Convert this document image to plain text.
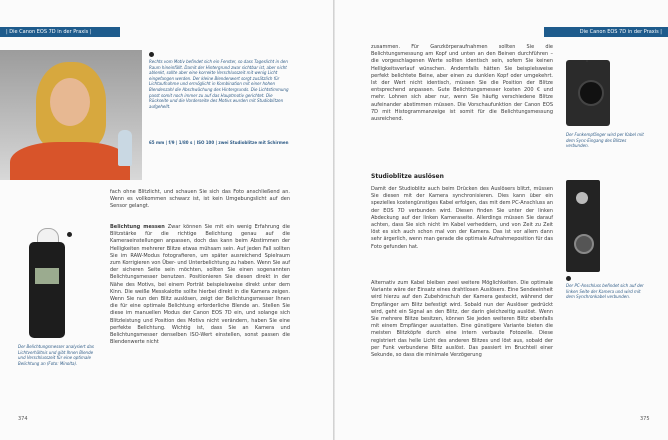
| Die Canon EOS 7D in der Praxis |
Rechts vom Motiv befindet sich ein Fenster, so dass Tageslicht in den Raum hineinfällt. Damit der Hintergrund zwar sichtbar ist, aber nicht ablenkt, sollte aber eine korrekte Verschlusszeit mit wenig Licht eingefangen werden. Der kleine Blendenwert sorgt zusätzlich für Lichtaufnahme und ermöglicht in Kombination mit einer hohen Blendenzahl die Abschwächung des Hintergrunds. Die Lichtstimmung passt somit noch immer zu auf das Hauptmotiv gerichtet. Die Rückseite und die Vorderseite des Motivs wurden mit Studioblitzen aufgehellt.
65 mm | f/9 | 1/80 s | ISO 100 | zwei Studioblitze mit Schirmen
fach ohne Blitzlicht, und schauen Sie sich das Foto anschließend an. Wenn es vollkommen schwarz ist, ist kein Umgebungslicht auf den Sensor gelangt.
Belichtung messen Zwar können Sie mit ein wenig Erfahrung die Blitzstärke für die richtige Belichtung genau auf die Kameraeinstellungen anpassen, doch das kann beim Abstimmen der Helligkeiten mehrerer Blitze etwas mühsam sein. Auf jeden Fall sollten Sie im RAW-Modus fotografieren, um später ausreichend Spielraum zum Korrigieren von Über- und Unterbelichtung zu haben. Wenn Sie auf der sicheren Seite sein möchten, sollten Sie einen sogenannten Belichtungsmesser benutzen. Positionieren Sie diesen direkt in der Nähe des Motivs, bei einem Porträt beispielsweise direkt unter dem Kinn. Die weiße Messkalotte sollte hierbei direkt in die Kamera zeigen. Wenn Sie nun den Blitz auslösen, zeigt der Belichtungsmesser Ihnen die für eine optimale Belichtung erforderliche Blende an. Stellen Sie diese im manuellen Modus der Canon EOS 7D ein, und solange sich Blitzleistung und Position des Motivs nicht verändern, haben Sie eine perfekte Belichtung. Wichtig ist, dass Sie an Kamera und Belichtungsmesser denselben ISO-Wert einstellen, sonst passen die Blendenwerte nicht
Der Belichtungsmesser analysiert das Lichtverhältnis und gibt Ihnen Blende und Verschlusszeit für eine optimale Belichtung an (Foto: Minolta).
374
Die Canon EOS 7D in der Praxis |
zusammen. Für Ganzkörperaufnahmen sollten Sie die Belichtungsmessung am Kopf und unten an den Beinen durchführen – die vorgeschlagenen Werte sollten identisch sein, sofern Sie keinen Helligkeitsverlauf wünschen. Andernfalls hätten Sie beispielsweise perfekt belichtete Beine, aber einen zu dunklen Kopf oder umgekehrt. Ist der Wert nicht identisch, müssen Sie die Position der Blitze entsprechend anpassen. Gute Belichtungsmesser kosten 200 € und mehr. Lohnen sich aber nur, wenn Sie häufig verschiedene Blitze aufeinander abstimmen müssen. Die Vorschaufunktion der Canon EOS 7D mit Histogrammanzeige ist somit für die Belichtungsmessung ausreichend.
Der Funkempfänger wird per Kabel mit dem Sync-Eingang des Blitzes verbunden.
Studioblitze auslösen
Damit der Studioblitz auch beim Drücken des Auslösers blitzt, müssen Sie diesen mit der Kamera synchronisieren. Dies kann über ein spezielles kostengünstiges Kabel erfolgen, das mit dem PC-Anschluss an der EOS 7D verbunden wird. Diesen finden Sie unter der linken Abdeckung auf der linken Kameraseite. Allerdings müssen Sie darauf achten, dass Sie sich nicht im Kabel verheddern, und von Zeit zu Zeit löst es sich auch schon mal von der Kamera. Das ist vor allem dann sehr ärgerlich, wenn man gerade die optimale Aufnahmeposition für das Foto gefunden hat.
Alternativ zum Kabel bleiben zwei weitere Möglichkeiten. Die optimale Variante wäre der Einsatz eines drahtlosen Auslösers. Eine Sendeeinheit wird hierzu auf den Zubehörschuh der Kamera gesteckt, während der Empfänger am Blitz befestigt wird. Sobald nun der Auslöser gedrückt wird, geht ein Signal an den Blitz, der darin gleichzeitig auslöst. Wenn Sie mehrere Blitze besitzen, können Sie jeden weiteren Blitz ebenfalls mit einem Empfänger ausstatten. Eine günstigere Variante bieten die meisten Blitzköpfe durch eine intern verbaute Fotozelle. Diese registriert das helle Licht des anderen Blitzes und löst aus, sobald der per Funk verbundene Blitz auslöst. Das passiert im Bruchteil einer Sekunde, so dass die minimale Verzögerung
Der PC-Anschluss befindet sich auf der linken Seite der Kamera und wird mit dem Synchronkabel verbunden.
375
